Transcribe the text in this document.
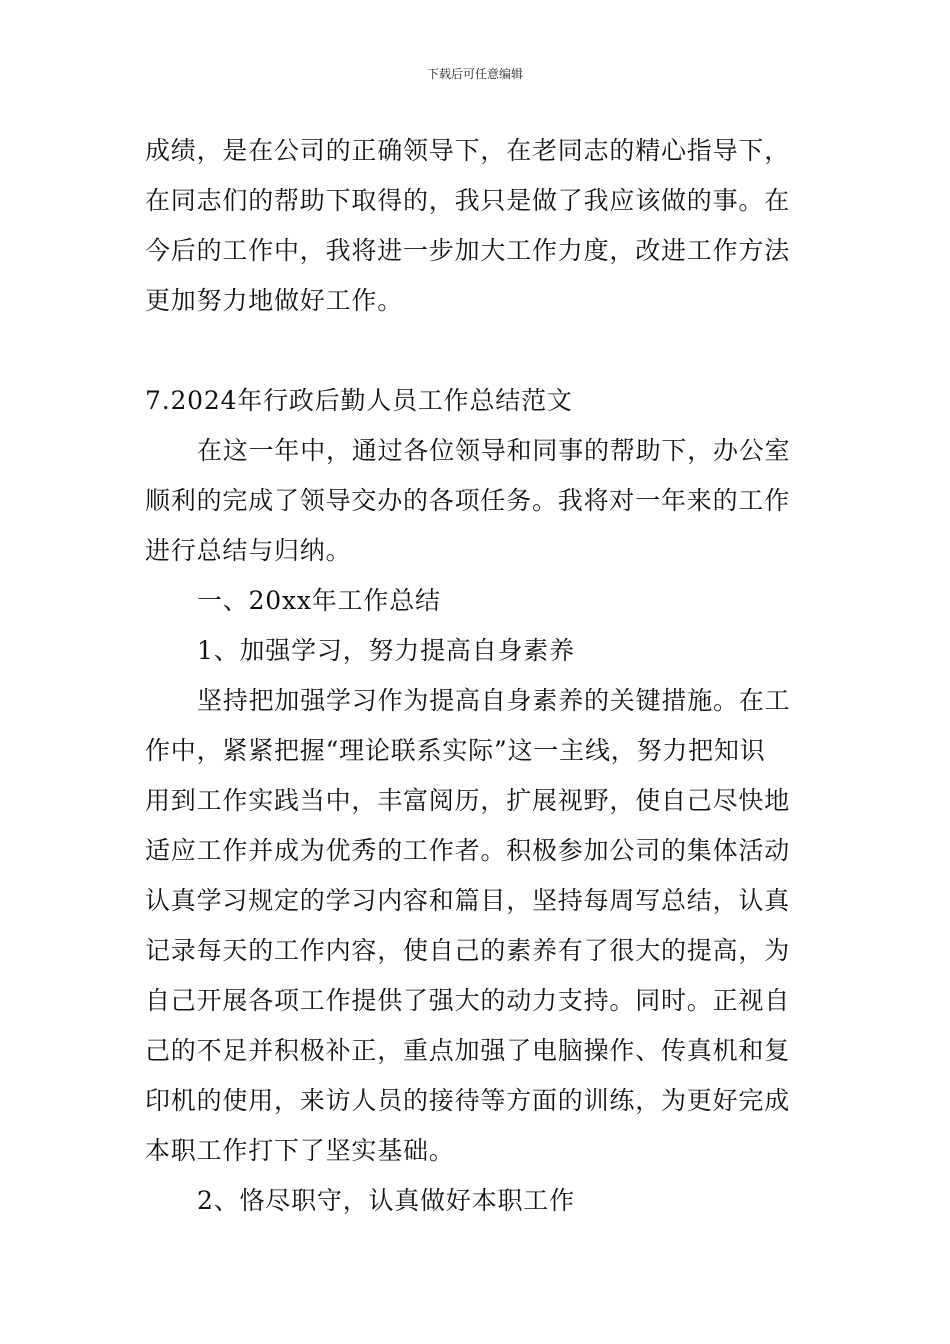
下载后可任意编辑
成绩，是在公司的正确领导下，在老同志的精心指导下，
在同志们的帮助下取得的，我只是做了我应该做的事。在
今后的工作中，我将进一步加大工作力度，改进工作方法
更加努力地做好工作。
7.2024年行政后勤人员工作总结范文
在这一年中，通过各位领导和同事的帮助下，办公室
顺利的完成了领导交办的各项任务。我将对一年来的工作
进行总结与归纳。
一、20xx年工作总结
1、加强学习，努力提高自身素养
坚持把加强学习作为提高自身素养的关键措施。在工
作中，紧紧把握“理论联系实际”这一主线，努力把知识
用到工作实践当中，丰富阅历，扩展视野，使自己尽快地
适应工作并成为优秀的工作者。积极参加公司的集体活动
认真学习规定的学习内容和篇目，坚持每周写总结，认真
记录每天的工作内容，使自己的素养有了很大的提高，为
自己开展各项工作提供了强大的动力支持。同时。正视自
己的不足并积极补正，重点加强了电脑操作、传真机和复
印机的使用，来访人员的接待等方面的训练，为更好完成
本职工作打下了坚实基础。
2、恪尽职守，认真做好本职工作
